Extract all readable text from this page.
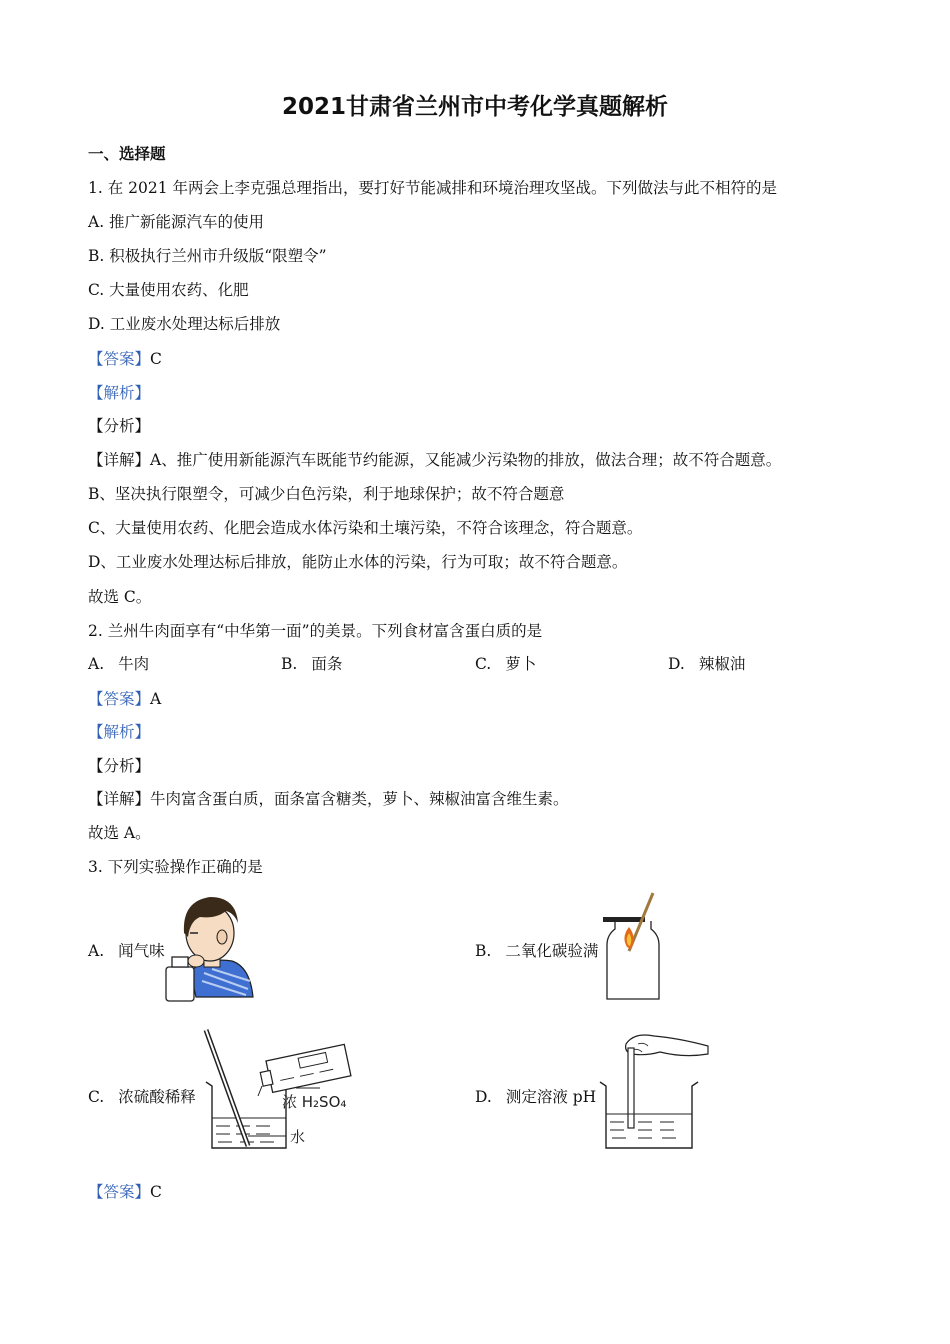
2021甘肃省兰州市中考化学真题解析
一、选择题
1. 在 2021 年两会上李克强总理指出，要打好节能减排和环境治理攻坚战。下列做法与此不相符的是
A. 推广新能源汽车的使用
B. 积极执行兰州市升级版“限塑令”
C. 大量使用农药、化肥
D. 工业废水处理达标后排放
【答案】C
【解析】
【分析】
【详解】A、推广使用新能源汽车既能节约能源，又能减少污染物的排放，做法合理；故不符合题意。
B、坚决执行限塑令，可减少白色污染，利于地球保护；故不符合题意
C、大量使用农药、化肥会造成水体污染和土壤污染，不符合该理念，符合题意。
D、工业废水处理达标后排放，能防止水体的污染，行为可取；故不符合题意。
故选 C。
2. 兰州牛肉面享有“中华第一面”的美景。下列食材富含蛋白质的是
A. 牛肉	B. 面条	C. 萝卜	D. 辣椒油
【答案】A
【解析】
【分析】
【详解】牛肉富含蛋白质，面条富含糖类，萝卜、辣椒油富含维生素。
故选 A。
3. 下列实验操作正确的是
A. 闻气味	B. 二氧化碳验满
C. 浓硫酸稀释	浓 H₂SO₄
水
D. 测定溶液 pH
【答案】C
